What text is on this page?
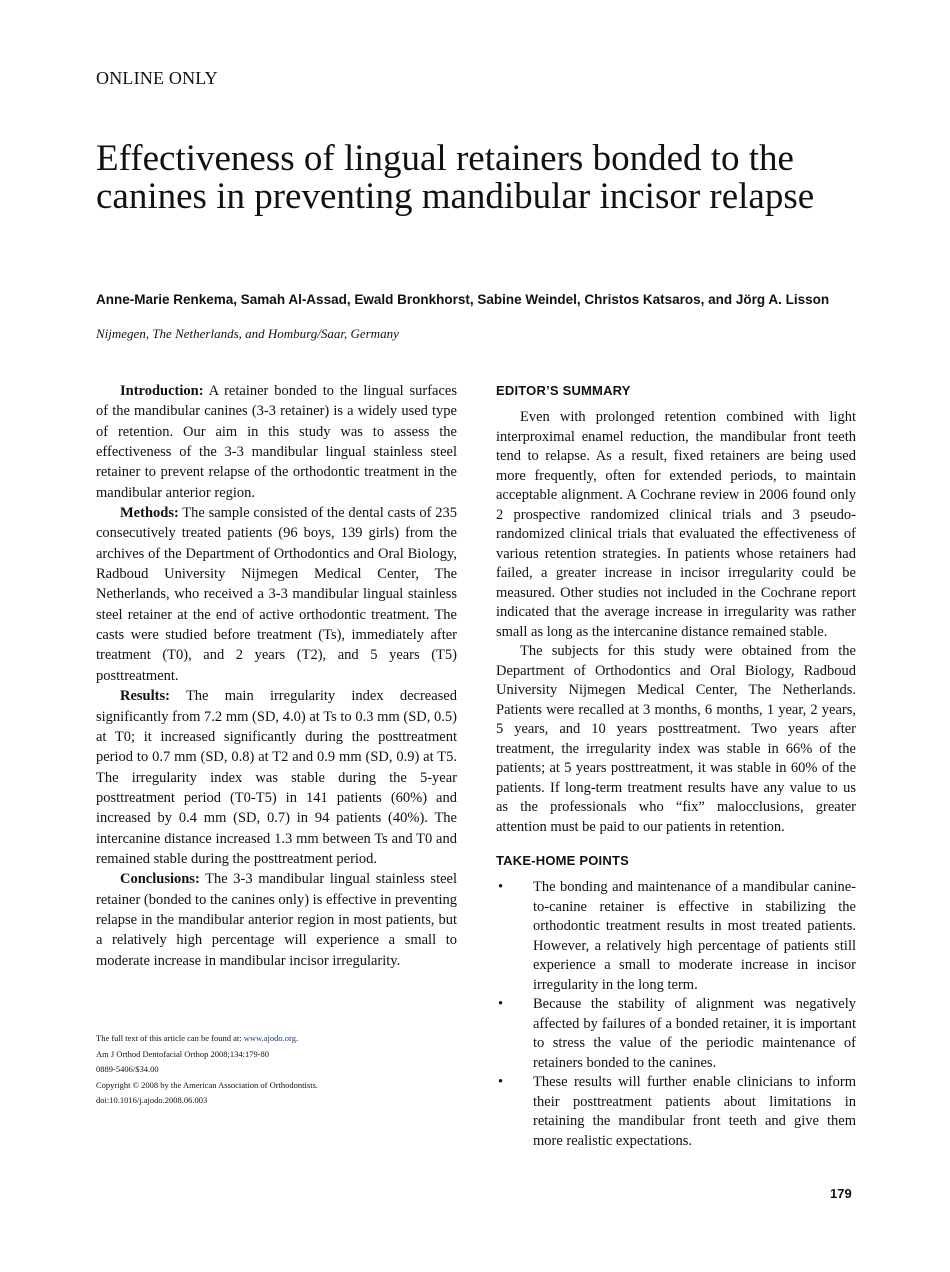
ONLINE ONLY
Effectiveness of lingual retainers bonded to the canines in preventing mandibular incisor relapse
Anne-Marie Renkema, Samah Al-Assad, Ewald Bronkhorst, Sabine Weindel, Christos Katsaros, and Jörg A. Lisson
Nijmegen, The Netherlands, and Homburg/Saar, Germany

Introduction: A retainer bonded to the lingual surfaces of the mandibular canines (3-3 retainer) is a widely used type of retention. Our aim in this study was to assess the effectiveness of the 3-3 mandibular lingual stainless steel retainer to prevent relapse of the orthodontic treatment in the mandibular anterior region.

Methods: The sample consisted of the dental casts of 235 consecutively treated patients (96 boys, 139 girls) from the archives of the Department of Orthodontics and Oral Biology, Radboud University Nijmegen Medical Center, The Netherlands, who received a 3-3 mandibular lingual stainless steel retainer at the end of active orthodontic treatment. The casts were studied before treatment (Ts), immediately after treatment (T0), and 2 years (T2), and 5 years (T5) posttreatment.

Results: The main irregularity index decreased significantly from 7.2 mm (SD, 4.0) at Ts to 0.3 mm (SD, 0.5) at T0; it increased significantly during the posttreatment period to 0.7 mm (SD, 0.8) at T2 and 0.9 mm (SD, 0.9) at T5. The irregularity index was stable during the 5-year posttreatment period (T0-T5) in 141 patients (60%) and increased by 0.4 mm (SD, 0.7) in 94 patients (40%). The intercanine distance increased 1.3 mm between Ts and T0 and remained stable during the posttreatment period.

Conclusions: The 3-3 mandibular lingual stainless steel retainer (bonded to the canines only) is effective in preventing relapse in the mandibular anterior region in most patients, but a relatively high percentage will experience a small to moderate increase in mandibular incisor irregularity.

The full text of this article can be found at: www.ajodo.org.
Am J Orthod Dentofacial Orthop 2008;134:179-80
0889-5406/$34.00
Copyright © 2008 by the American Association of Orthodontists.
doi:10.1016/j.ajodo.2008.06.003
EDITOR’S SUMMARY

Even with prolonged retention combined with light interproximal enamel reduction, the mandibular front teeth tend to relapse. As a result, fixed retainers are being used more frequently, often for extended periods, to maintain acceptable alignment. A Cochrane review in 2006 found only 2 prospective randomized clinical trials and 3 pseudo-randomized clinical trials that evaluated the effectiveness of various retention strategies. In patients whose retainers had failed, a greater increase in incisor irregularity could be measured. Other studies not included in the Cochrane report indicated that the average increase in irregularity was rather small as long as the intercanine distance remained stable.

The subjects for this study were obtained from the Department of Orthodontics and Oral Biology, Radboud University Nijmegen Medical Center, The Netherlands. Patients were recalled at 3 months, 6 months, 1 year, 2 years, 5 years, and 10 years posttreatment. Two years after treatment, the irregularity index was stable in 66% of the patients; at 5 years posttreatment, it was stable in 60% of the patients. If long-term treatment results have any value to us as the professionals who “fix” malocclusions, greater attention must be paid to our patients in retention.

TAKE-HOME POINTS
• The bonding and maintenance of a mandibular canine-to-canine retainer is effective in stabilizing the orthodontic treatment results in most treated patients. However, a relatively high percentage of patients still experience a small to moderate increase in incisor irregularity in the long term.
• Because the stability of alignment was negatively affected by failures of a bonded retainer, it is important to stress the value of the periodic maintenance of retainers bonded to the canines.
• These results will further enable clinicians to inform their posttreatment patients about limitations in retaining the mandibular front teeth and give them more realistic expectations.
179
